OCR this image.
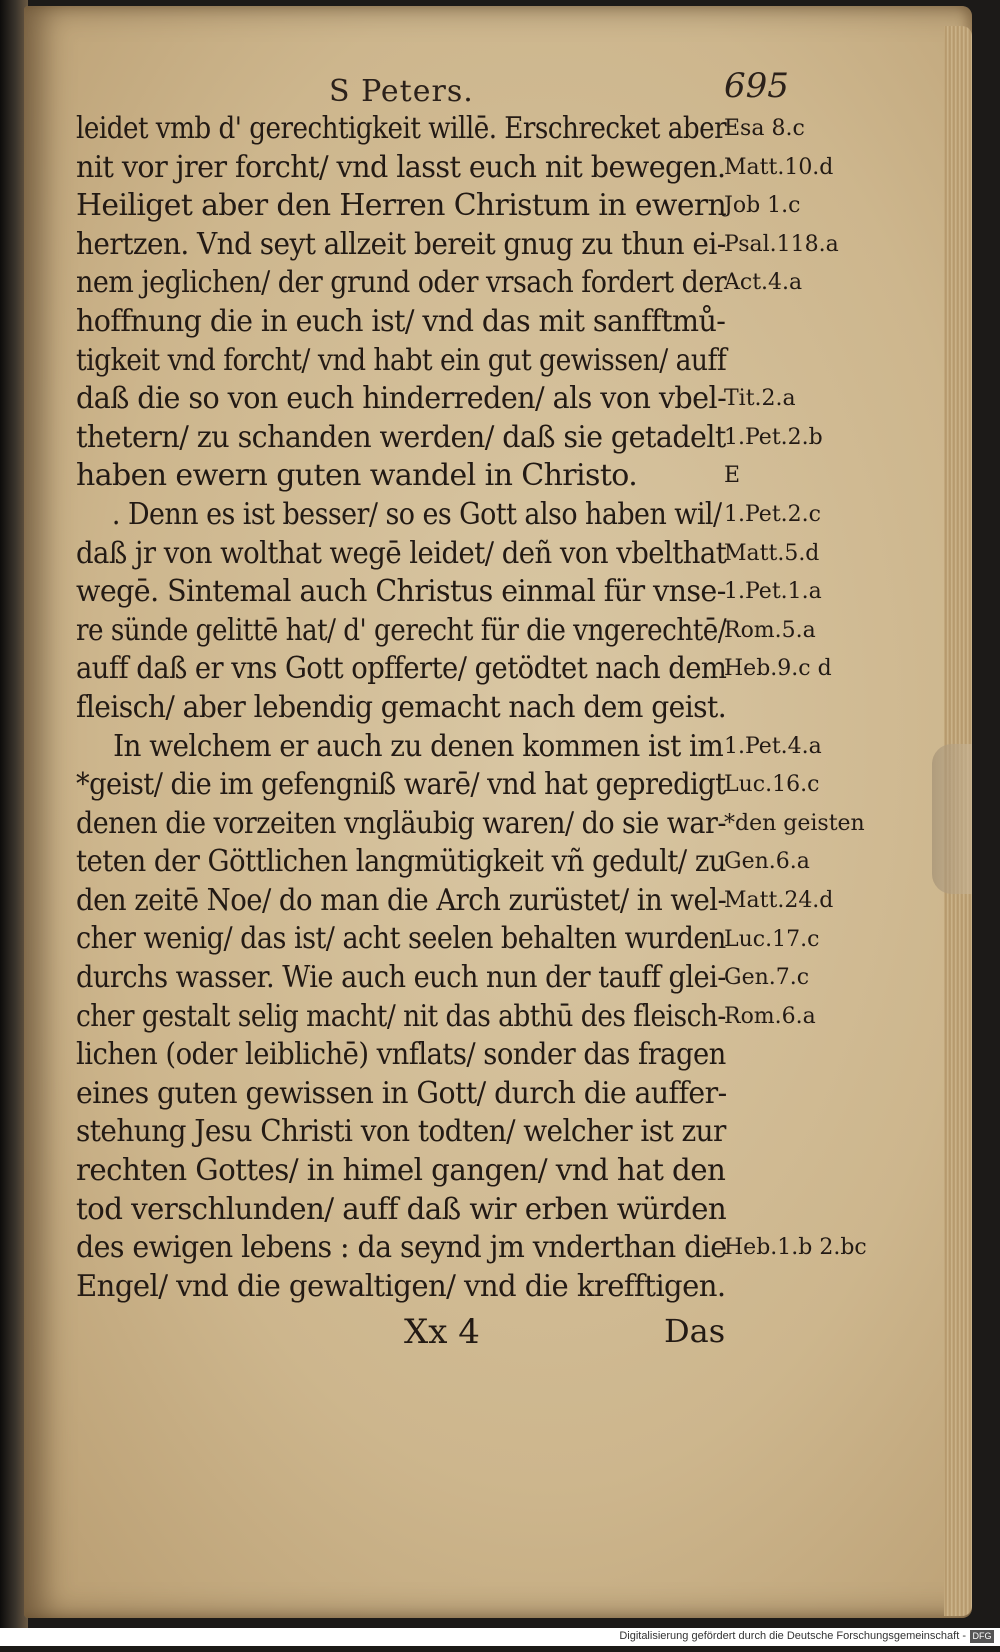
S Peters.	695
leidet vmb d' gerechtigkeit willē. Erschrecket aber
nit vor jrer forcht/ vnd lasst euch nit bewegen.
Heiliget aber den Herren Christum in ewern
hertzen. Vnd seyt allzeit bereit gnug zu thun ei-
nem jeglichen/ der grund oder vrsach fordert der
hoffnung die in euch ist/ vnd das mit sanfftmů-
tigkeit vnd forcht/ vnd habt ein gut gewissen/ auff
daß die so von euch hinderreden/ als von vbel-
thetern/ zu schanden werden/ daß sie getadelt
haben ewern guten wandel in Christo.
. Denn es ist besser/ so es Gott also haben wil/
daß jr von wolthat wegē leidet/ deñ von vbelthat
wegē. Sintemal auch Christus einmal für vnse-
re sünde gelittē hat/ d' gerecht für die vngerechtē/
auff daß er vns Gott opfferte/ getödtet nach dem
fleisch/ aber lebendig gemacht nach dem geist.
In welchem er auch zu denen kommen ist im
*geist/ die im gefengniß warē/ vnd hat gepredigt
denen die vorzeiten vngläubig waren/ do sie war-
teten der Göttlichen langmütigkeit vñ gedult/ zu
den zeitē Noe/ do man die Arch zurüstet/ in wel-
cher wenig/ das ist/ acht seelen behalten wurden
durchs wasser. Wie auch euch nun der tauff glei-
cher gestalt selig macht/ nit das abthū des fleisch-
lichen (oder leiblichē) vnflats/ sonder das fragen
eines guten gewissen in Gott/ durch die auffer-
stehung Jesu Christi von todten/ welcher ist zur
rechten Gottes/ in himel gangen/ vnd hat den
tod verschlunden/ auff daß wir erben würden
des ewigen lebens : da seynd jm vnderthan die
Engel/ vnd die gewaltigen/ vnd die krefftigen.
Esa 8.c
Matt.10.d
Job 1.c
Psal.118.a
Act.4.a
Tit.2.a
1.Pet.2.b
E
1.Pet.2.c
Matt.5.d
1.Pet.1.a
Rom.5.a
Heb.9.c d
1.Pet.4.a
Luc.16.c
*den geisten
Gen.6.a
Matt.24.d
Luc.17.c
Gen.7.c
Rom.6.a
Heb.1.b 2.bc
Xx 4	Das
Digitalisierung gefördert durch die Deutsche Forschungsgemeinschaft - DFG
